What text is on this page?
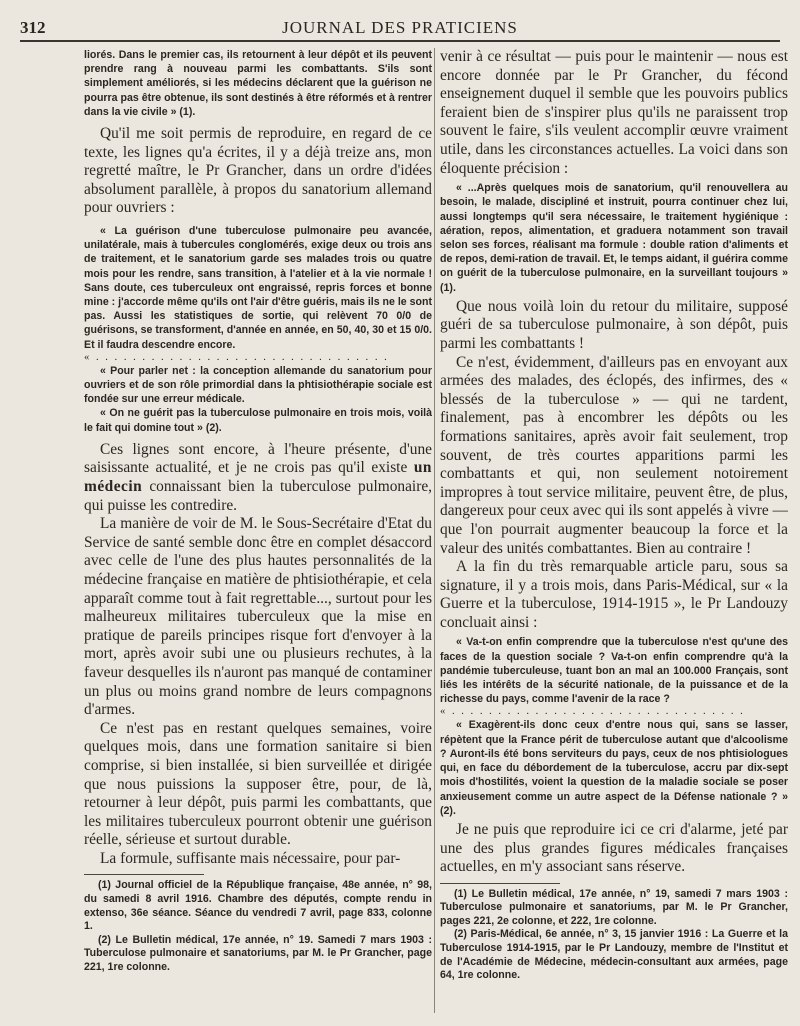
312	JOURNAL DES PRATICIENS

liorés. Dans le premier cas, ils retournent à leur dépôt et ils peuvent prendre rang à nouveau parmi les combattants. S'ils sont simplement améliorés, si les médecins déclarent que la guérison ne pourra pas être obtenue, ils sont destinés à être réformés et à rentrer dans la vie civile » (1).

Qu'il me soit permis de reproduire, en regard de ce texte, les lignes qu'a écrites, il y a déjà treize ans, mon regretté maître, le Pr Grancher, dans un ordre d'idées absolument parallèle, à propos du sanatorium allemand pour ouvriers :

« La guérison d'une tuberculose pulmonaire peu avancée, unilatérale, mais à tubercules conglomérés, exige deux ou trois ans de traitement, et le sanatorium garde ses malades trois ou quatre mois pour les rendre, sans transition, à l'atelier et à la vie normale ! Sans doute, ces tuberculeux ont engraissé, repris forces et bonne mine : j'accorde même qu'ils ont l'air d'être guéris, mais ils ne le sont pas. Aussi les statistiques de sortie, qui relèvent 70 0/0 de guérisons, se transforment, d'année en année, en 50, 40, 30 et 15 0/0. Et il faudra descendre encore.

« . . . . . . . . . . . . . . . . . . . . . . . . . . . . . . . .

« Pour parler net : la conception allemande du sanatorium pour ouvriers et de son rôle primordial dans la phtisiothérapie sociale est fondée sur une erreur médicale.

« On ne guérit pas la tuberculose pulmonaire en trois mois, voilà le fait qui domine tout » (2).

Ces lignes sont encore, à l'heure présente, d'une saisissante actualité, et je ne crois pas qu'il existe un médecin connaissant bien la tuberculose pulmonaire, qui puisse les contredire.

La manière de voir de M. le Sous-Secrétaire d'Etat du Service de santé semble donc être en complet désaccord avec celle de l'une des plus hautes personnalités de la médecine française en matière de phtisiothérapie, et cela apparaît comme tout à fait regrettable..., surtout pour les malheureux militaires tuberculeux que la mise en pratique de pareils principes risque fort d'envoyer à la mort, après avoir subi une ou plusieurs rechutes, à la faveur desquelles ils n'auront pas manqué de contaminer un plus ou moins grand nombre de leurs compagnons d'armes.

Ce n'est pas en restant quelques semaines, voire quelques mois, dans une formation sanitaire si bien comprise, si bien installée, si bien surveillée et dirigée que nous puissions la supposer être, pour, de là, retourner à leur dépôt, puis parmi les combattants, que les militaires tuberculeux pourront obtenir une guérison réelle, sérieuse et surtout durable.

La formule, suffisante mais nécessaire, pour par-

(1) Journal officiel de la République française, 48e année, n° 98, du samedi 8 avril 1916. Chambre des députés, compte rendu in extenso, 36e séance. Séance du vendredi 7 avril, page 833, colonne 1.

(2) Le Bulletin médical, 17e année, n° 19. Samedi 7 mars 1903 : Tuberculose pulmonaire et sanatoriums, par M. le Pr Grancher, page 221, 1re colonne.

venir à ce résultat — puis pour le maintenir — nous est encore donnée par le Pr Grancher, du fécond enseignement duquel il semble que les pouvoirs publics feraient bien de s'inspirer plus qu'ils ne paraissent trop souvent le faire, s'ils veulent accomplir œuvre vraiment utile, dans les circonstances actuelles. La voici dans son éloquente précision :

« ...Après quelques mois de sanatorium, qu'il renouvellera au besoin, le malade, discipliné et instruit, pourra continuer chez lui, aussi longtemps qu'il sera nécessaire, le traitement hygiénique : aération, repos, alimentation, et graduera notamment son travail selon ses forces, réalisant ma formule : double ration d'aliments et de repos, demi-ration de travail. Et, le temps aidant, il guérira comme on guérit de la tuberculose pulmonaire, en la surveillant toujours » (1).

Que nous voilà loin du retour du militaire, supposé guéri de sa tuberculose pulmonaire, à son dépôt, puis parmi les combattants !

Ce n'est, évidemment, d'ailleurs pas en envoyant aux armées des malades, des éclopés, des infirmes, des « blessés de la tuberculose » — qui ne tardent, finalement, pas à encombrer les dépôts ou les formations sanitaires, après avoir fait seulement, trop souvent, de très courtes apparitions parmi les combattants et qui, non seulement notoirement impropres à tout service militaire, peuvent être, de plus, dangereux pour ceux avec qui ils sont appelés à vivre — que l'on pourrait augmenter beaucoup la force et la valeur des unités combattantes. Bien au contraire !

A la fin du très remarquable article paru, sous sa signature, il y a trois mois, dans Paris-Médical, sur « la Guerre et la tuberculose, 1914-1915 », le Pr Landouzy concluait ainsi :

« Va-t-on enfin comprendre que la tuberculose n'est qu'une des faces de la question sociale ? Va-t-on enfin comprendre qu'à la pandémie tuberculeuse, tuant bon an mal an 100.000 Français, sont liés les intérêts de la sécurité nationale, de la puissance et de la richesse du pays, comme l'avenir de la race ?

« . . . . . . . . . . . . . . . . . . . . . . . . . . . . . . . .

« Exagèrent-ils donc ceux d'entre nous qui, sans se lasser, répètent que la France périt de tuberculose autant que d'alcoolisme ? Auront-ils été bons serviteurs du pays, ceux de nos phtisiologues qui, en face du débordement de la tuberculose, accru par dix-sept mois d'hostilités, voient la question de la maladie sociale se poser anxieusement comme un autre aspect de la Défense nationale ? » (2).

Je ne puis que reproduire ici ce cri d'alarme, jeté par une des plus grandes figures médicales françaises actuelles, en m'y associant sans réserve.

(1) Le Bulletin médical, 17e année, n° 19, samedi 7 mars 1903 : Tuberculose pulmonaire et sanatoriums, par M. le Pr Grancher, pages 221, 2e colonne, et 222, 1re colonne.

(2) Paris-Médical, 6e année, n° 3, 15 janvier 1916 : La Guerre et la Tuberculose 1914-1915, par le Pr Landouzy, membre de l'Institut et de l'Académie de Médecine, médecin-consultant aux armées, page 64, 1re colonne.
